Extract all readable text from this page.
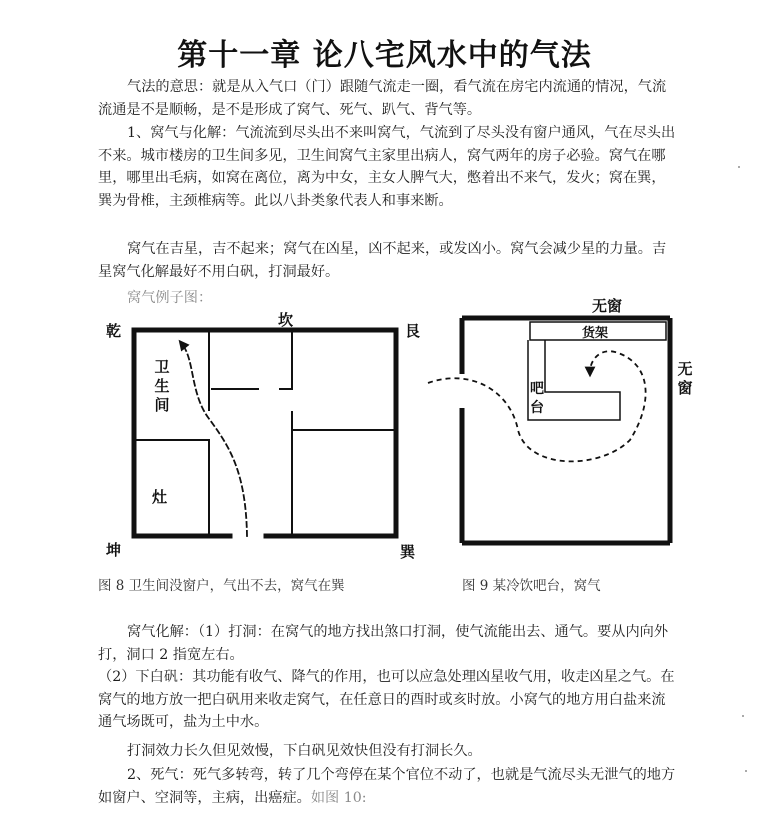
第十一章 论八宅风水中的气法

气法的意思：就是从入气口（门）跟随气流走一圈，看气流在房宅内流通的情况，气流流通是不是顺畅，是不是形成了窝气、死气、趴气、背气等。

1、窝气与化解：气流流到尽头出不来叫窝气，气流到了尽头没有窗户通风，气在尽头出不来。城市楼房的卫生间多见，卫生间窝气主家里出病人，窝气两年的房子必验。窝气在哪里，哪里出毛病，如窝在离位，离为中女，主女人脾气大，憋着出不来气，发火；窝在巽，巽为骨椎，主颈椎病等。此以八卦类象代表人和事来断。

窝气在吉星，吉不起来；窝气在凶星，凶不起来，或发凶小。窝气会减少星的力量。吉星窝气化解最好不用白矾，打洞最好。

窝气例子图：

乾
坎
艮
坤	巽
卫生间
灶
无窗
无窗
货架
吧台
图 8 卫生间没窗户，气出不去，窝气在巽	图 9 某冷饮吧台，窝气

窝气化解：（1）打洞：在窝气的地方找出煞口打洞，使气流能出去、通气。要从内向外打，洞口 2 指宽左右。

（2）下白矾：其功能有收气、降气的作用，也可以应急处理凶星收气用，收走凶星之气。在窝气的地方放一把白矾用来收走窝气，在任意日的酉时或亥时放。小窝气的地方用白盐来流通气场既可，盐为土中水。

打洞效力长久但见效慢，下白矾见效快但没有打洞长久。

2、死气：死气多转弯，转了几个弯停在某个官位不动了，也就是气流尽头无泄气的地方如窗户、空洞等，主病，出癌症。如图 10:
